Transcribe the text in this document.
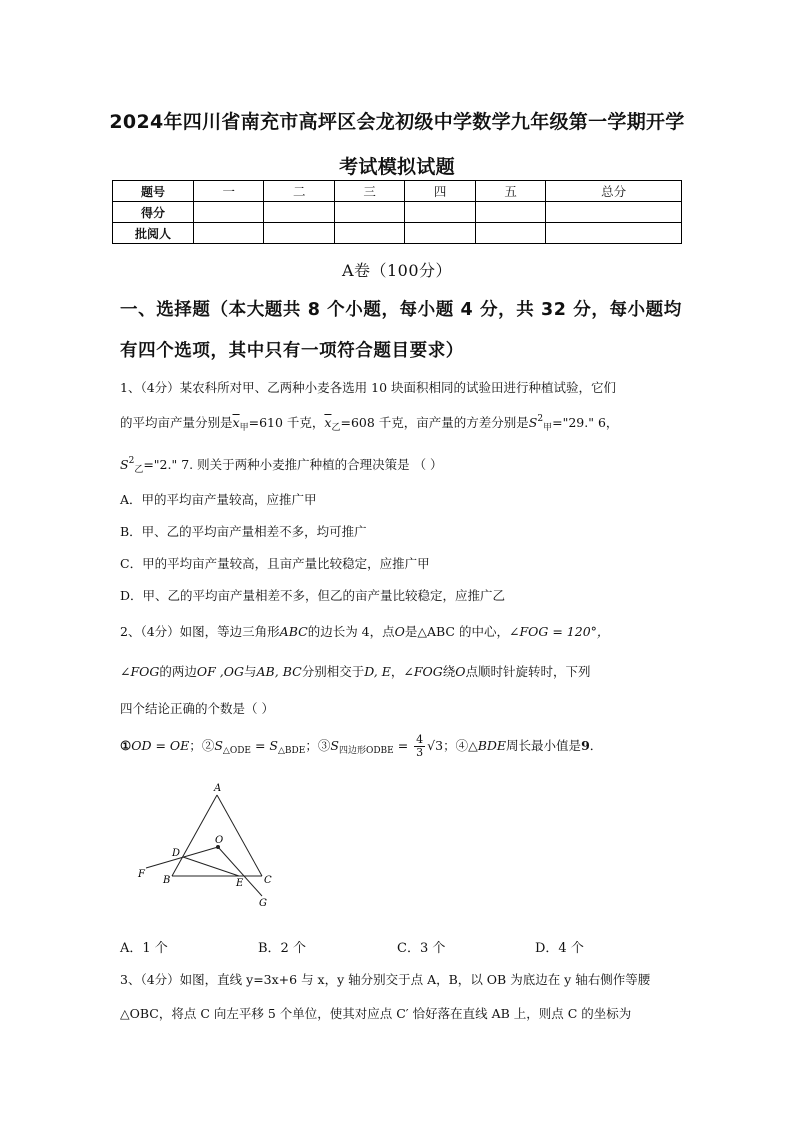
2024年四川省南充市高坪区会龙初级中学数学九年级第一学期开学
考试模拟试题
题号	一	二	三	四	五	总分
得分						
批阅人						
A卷（100分）
一、选择题（本大题共 8 个小题，每小题 4 分，共 32 分，每小题均
有四个选项，其中只有一项符合题目要求）
1、（4分）某农科所对甲、乙两种小麦各选用 10 块面积相同的试验田进行种植试验，它们
的平均亩产量分别是$\overline{x}_甲=610$ 千克，$\overline{x}_乙=608$ 千克，亩产量的方差分别是$S^2_甲="29$." 6，
$S^2_乙="2$." 7. 则关于两种小麦推广种植的合理决策是 （ ）
A．甲的平均亩产量较高，应推广甲
B．甲、乙的平均亩产量相差不多，均可推广
C．甲的平均亩产量较高，且亩产量比较稳定，应推广甲
D．甲、乙的平均亩产量相差不多，但乙的亩产量比较稳定，应推广乙
2、（4分）如图，等边三角形ABC的边长为 4，点O是△ABC 的中心，∠FOG = 120°，
∠FOG的两边OF ,OG与AB, BC分别相交于D, E，∠FOG绕O点顺时针旋转时，下列
四个结论正确的个数是（ ）
①OD = OE；$②S_{\triangle ODE} = S_{\triangle BDE}$；$③S_{四边形ODBE} = \frac{4}{3} √3$；④△BDE周长最小值是9．
A
B	C
D
E
F
G
O
A．1 个	B．2 个	C．3 个	D．4 个
3、（4分）如图，直线 y=3x+6 与 x，y 轴分别交于点 A，B，以 OB 为底边在 y 轴右侧作等腰
△OBC，将点 C 向左平移 5 个单位，使其对应点 C′ 恰好落在直线 AB 上，则点 C 的坐标为
